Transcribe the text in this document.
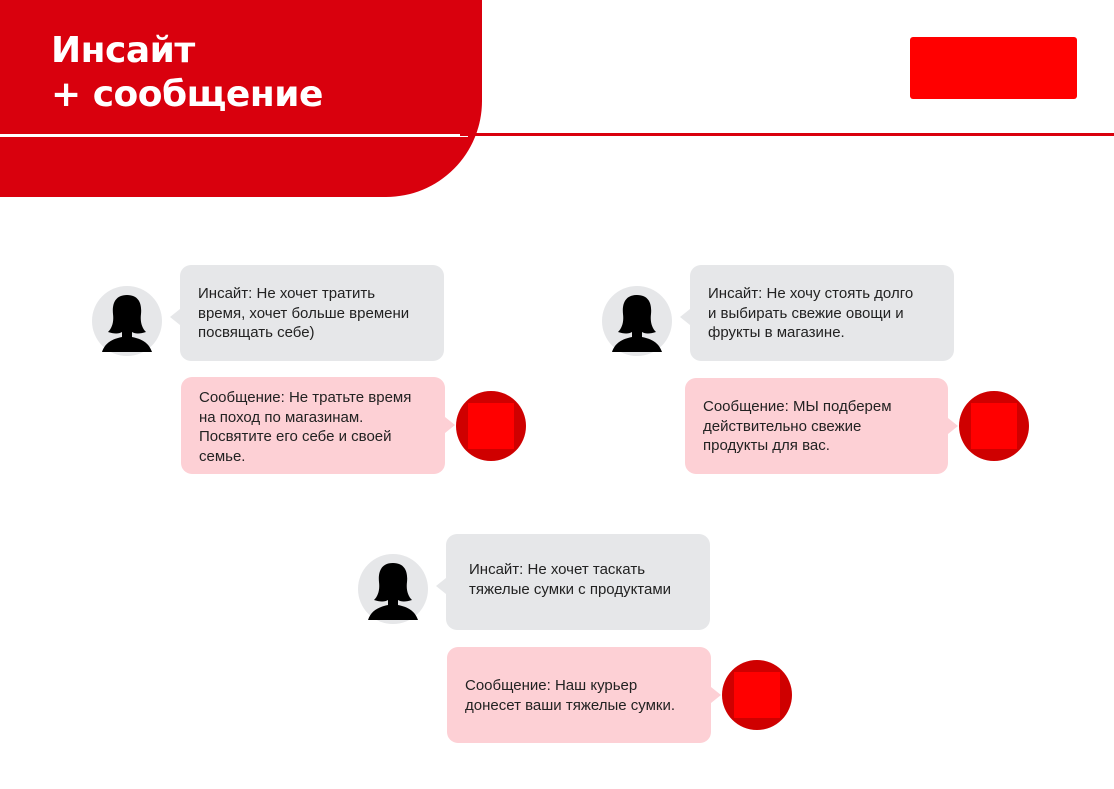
Инсайт
+ сообщение
Инсайт: Не хочет тратить
время, хочет больше времени
посвящать себе)
Сообщение: Не тратьте время
на поход по магазинам.
Посвятите его себе и своей
семье.
Инсайт: Не хочу стоять долго
и выбирать свежие овощи и
фрукты в магазине.
Сообщение: МЫ подберем
действительно свежие
продукты для вас.
Инсайт: Не хочет таскать
тяжелые сумки с продуктами
Сообщение: Наш курьер
донесет ваши тяжелые сумки.
